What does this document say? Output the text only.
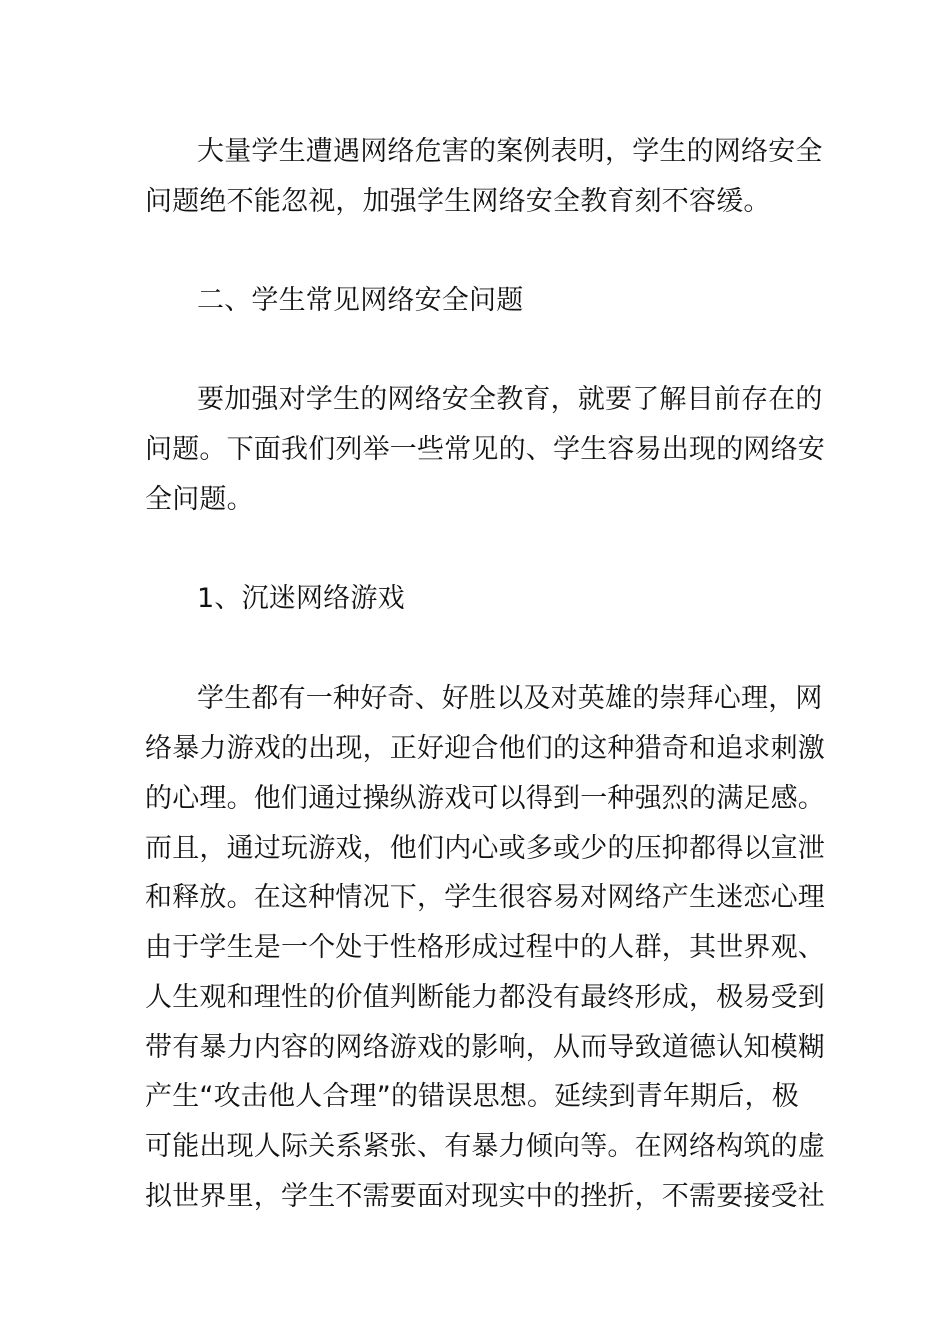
大量学生遭遇网络危害的案例表明，学生的网络安全
问题绝不能忽视，加强学生网络安全教育刻不容缓。
二、学生常见网络安全问题
要加强对学生的网络安全教育，就要了解目前存在的
问题。下面我们列举一些常见的、学生容易出现的网络安
全问题。
1、沉迷网络游戏
学生都有一种好奇、好胜以及对英雄的崇拜心理，网
络暴力游戏的出现，正好迎合他们的这种猎奇和追求刺激
的心理。他们通过操纵游戏可以得到一种强烈的满足感。
而且，通过玩游戏，他们内心或多或少的压抑都得以宣泄
和释放。在这种情况下，学生很容易对网络产生迷恋心理
由于学生是一个处于性格形成过程中的人群，其世界观、
人生观和理性的价值判断能力都没有最终形成，极易受到
带有暴力内容的网络游戏的影响，从而导致道德认知模糊
产生“攻击他人合理”的错误思想。延续到青年期后，极
可能出现人际关系紧张、有暴力倾向等。在网络构筑的虚
拟世界里，学生不需要面对现实中的挫折，不需要接受社
